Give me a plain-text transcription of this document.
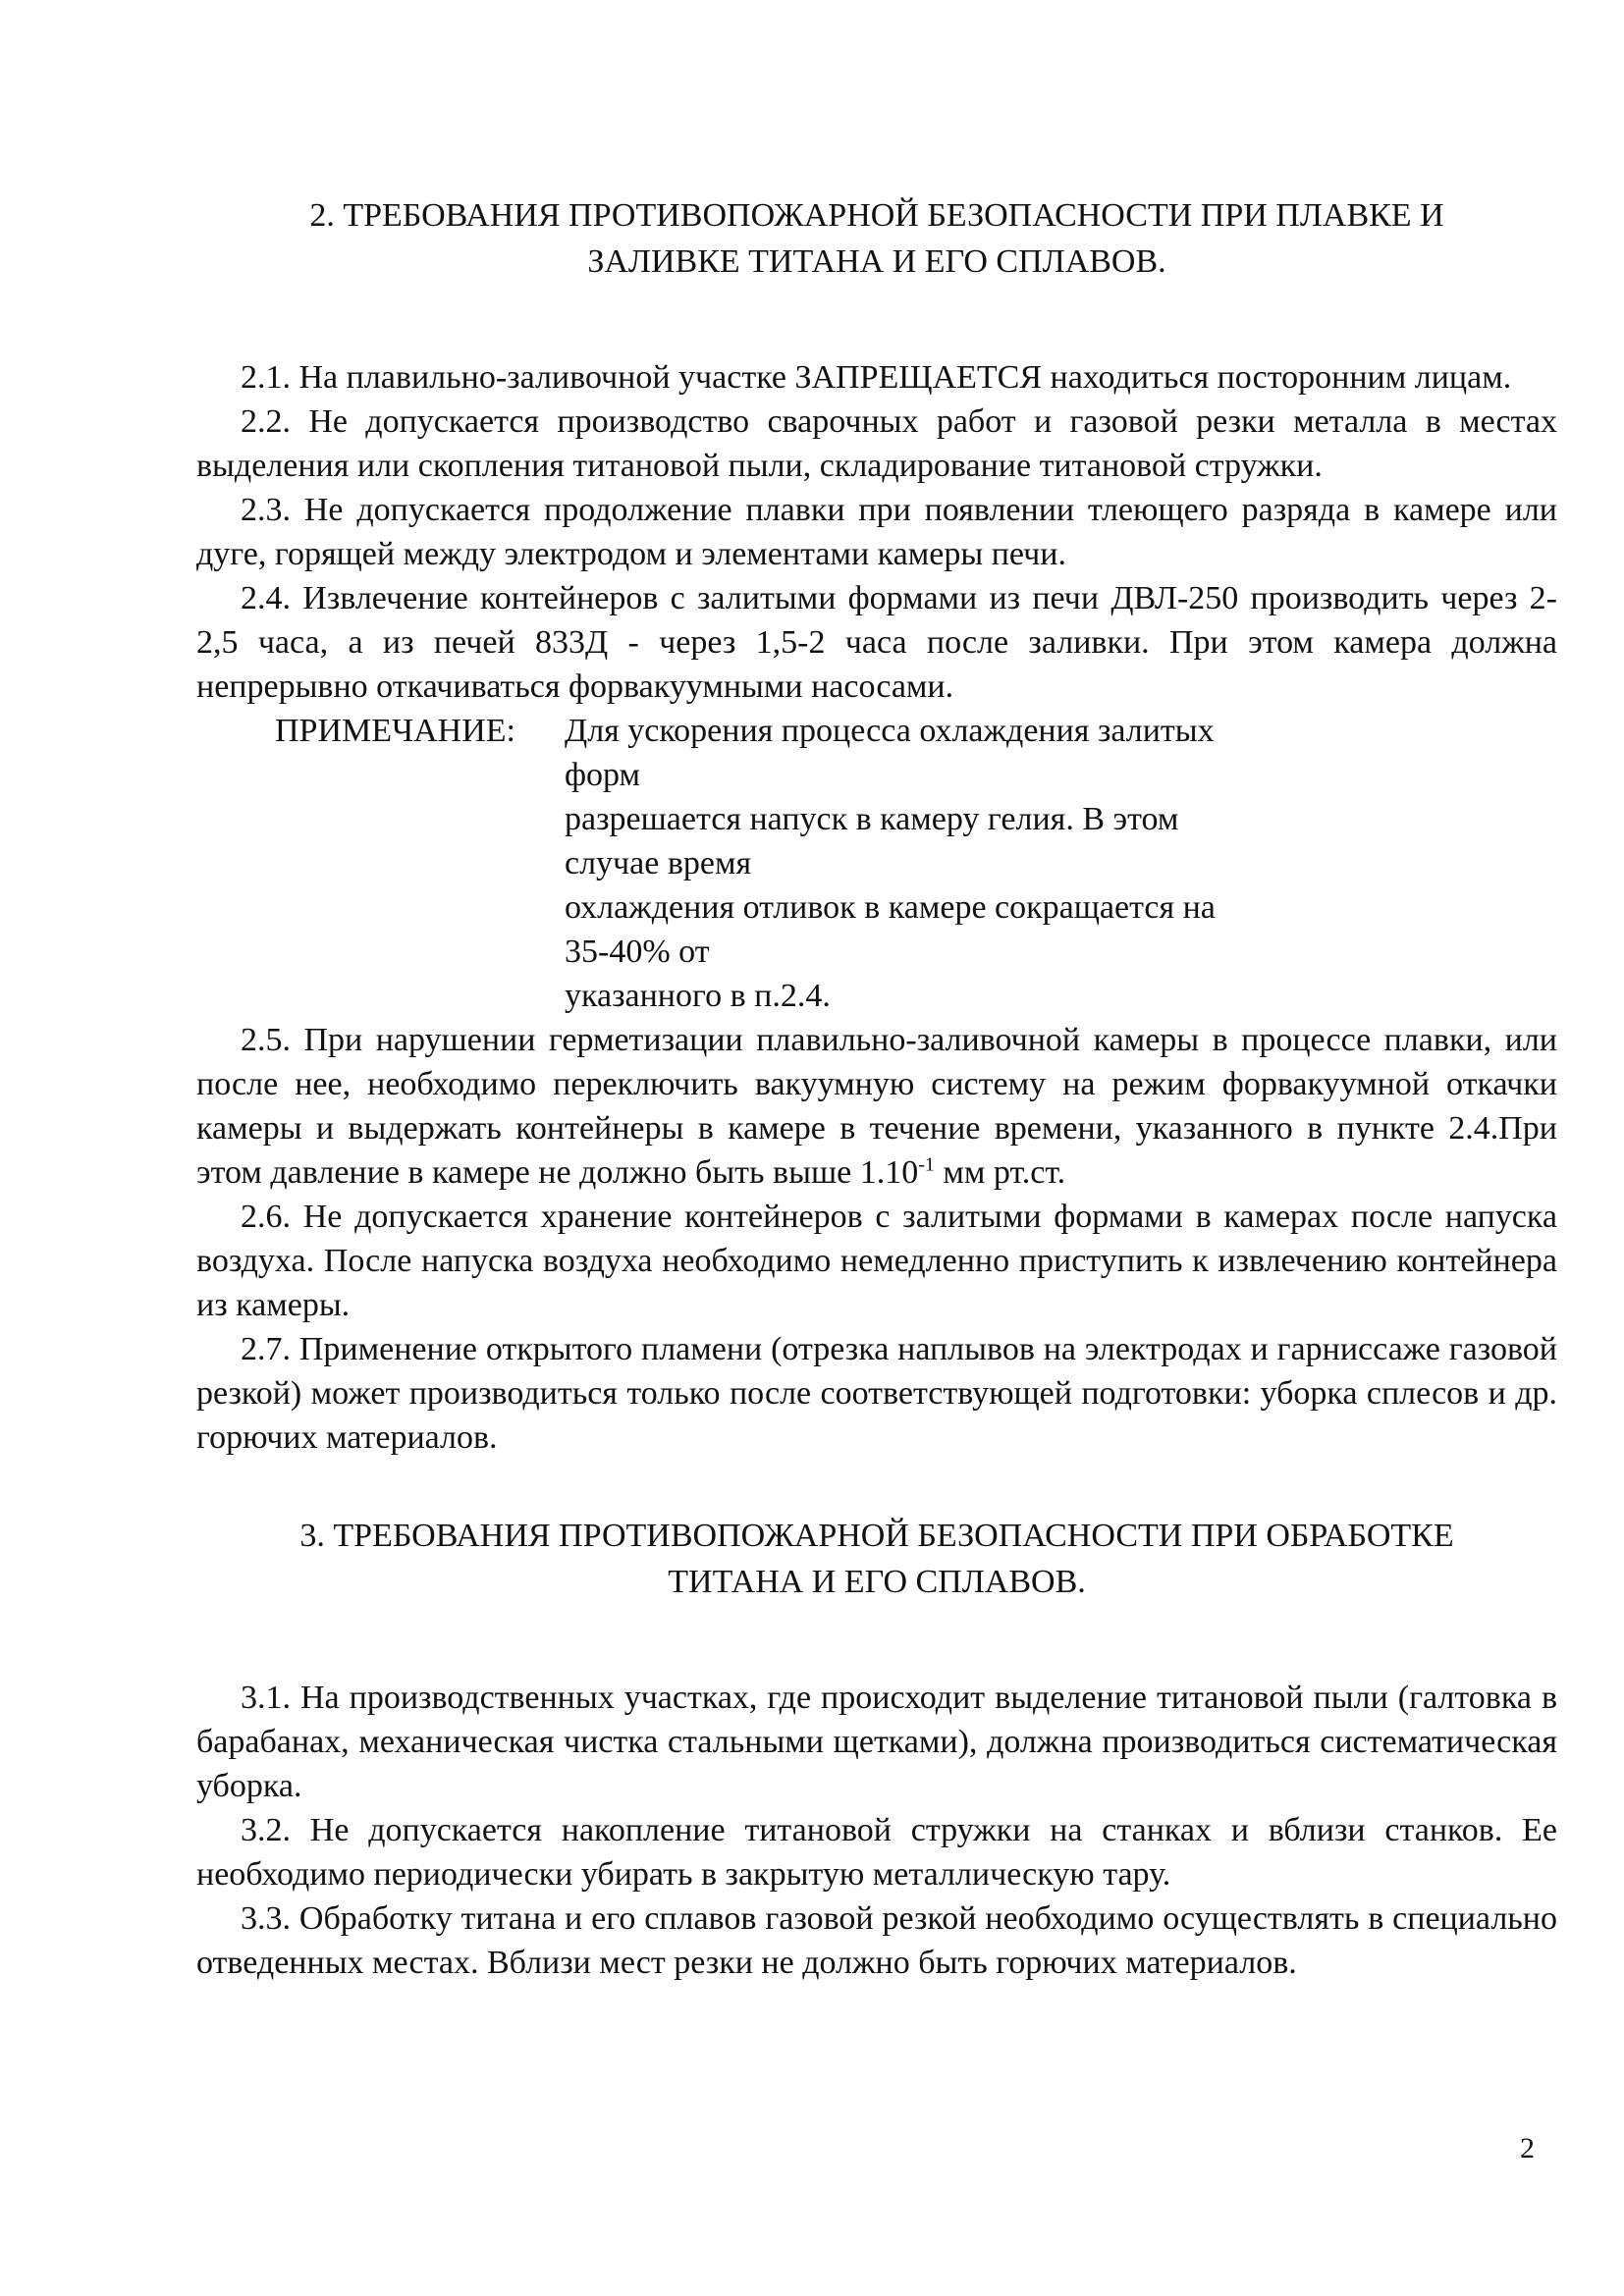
2. ТРЕБОВАНИЯ ПРОТИВОПОЖАРНОЙ БЕЗОПАСНОСТИ ПРИ ПЛАВКЕ И
ЗАЛИВКЕ ТИТАНА И ЕГО СПЛАВОВ.

2.1. На плавильно-заливочной участке ЗАПРЕЩАЕТСЯ находиться посторонним лицам.

2.2. Не допускается производство сварочных работ и газовой резки металла в местах выделения или скопления титановой пыли, складирование титановой стружки.

2.3. Не допускается продолжение плавки при появлении тлеющего разряда в камере или дуге, горящей между электродом и элементами камеры печи.

2.4. Извлечение контейнеров с залитыми формами из печи ДВЛ-250 производить через 2-2,5 часа, а из печей 833Д - через 1,5-2 часа после заливки. При этом камера должна непрерывно откачиваться форвакуумными насосами.

ПРИМЕЧАНИЕ: Для ускорения процесса охлаждения залитых форм
разрешается напуск в камеру гелия. В этом случае время
охлаждения отливок в камере сокращается на 35-40% от
указанного в п.2.4.

2.5. При нарушении герметизации плавильно-заливочной камеры в процессе плавки, или после нее, необходимо переключить вакуумную систему на режим форвакуумной откачки камеры и выдержать контейнеры в камере в течение времени, указанного в пункте 2.4.При этом давление в камере не должно быть выше $1.10^{-1}$ мм рт.ст.

2.6. Не допускается хранение контейнеров с залитыми формами в камерах после напуска воздуха. После напуска воздуха необходимо немедленно приступить к извлечению контейнера из камеры.

2.7. Применение открытого пламени (отрезка наплывов на электродах и гарниссаже газовой резкой) может производиться только после соответствующей подготовки: уборка сплесов и др. горючих материалов.

3. ТРЕБОВАНИЯ ПРОТИВОПОЖАРНОЙ БЕЗОПАСНОСТИ ПРИ ОБРАБОТКЕ
ТИТАНА И ЕГО СПЛАВОВ.

3.1. На производственных участках, где происходит выделение титановой пыли (галтовка в барабанах, механическая чистка стальными щетками), должна производиться систематическая уборка.

3.2. Не допускается накопление титановой стружки на станках и вблизи станков. Ее необходимо периодически убирать в закрытую металлическую тару.

3.3. Обработку титана и его сплавов газовой резкой необходимо осуществлять в специально отведенных местах. Вблизи мест резки не должно быть горючих материалов.

2
